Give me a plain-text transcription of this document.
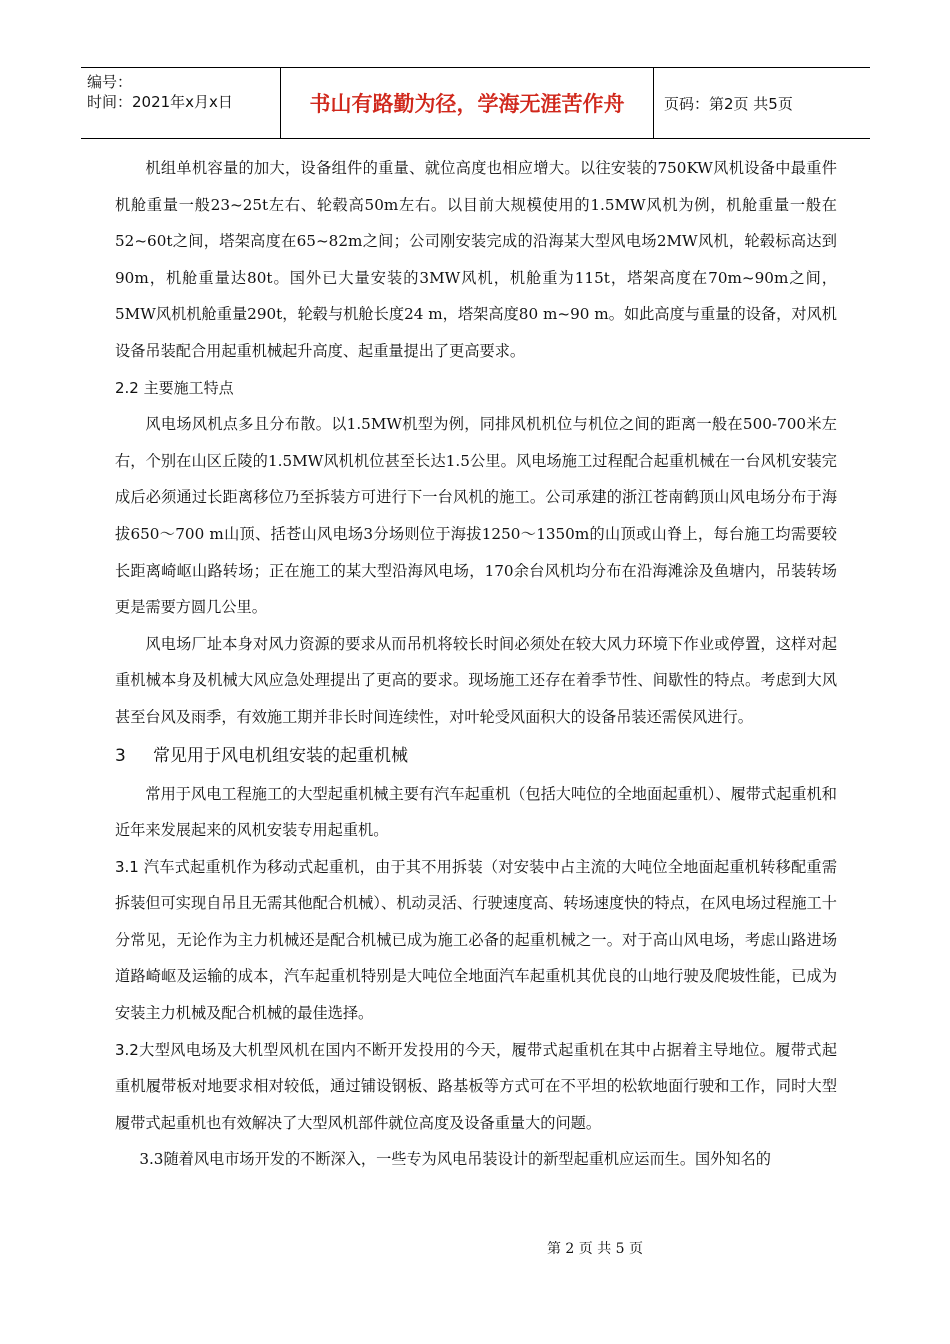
编号：
时间：2021年x月x日	书山有路勤为径，学海无涯苦作舟	页码：第2页 共5页

机组单机容量的加大，设备组件的重量、就位高度也相应增大。以往安装的750KW风机设备中最重件机舱重量一般23~25t左右、轮毂高50m左右。以目前大规模使用的1.5MW风机为例，机舱重量一般在52~60t之间，塔架高度在65~82m之间；公司刚安装完成的沿海某大型风电场2MW风机，轮毂标高达到90m，机舱重量达80t。国外已大量安装的3MW风机，机舱重为115t，塔架高度在70m~90m之间，5MW风机机舱重量290t，轮毂与机舱长度24 m，塔架高度80 m~90 m。如此高度与重量的设备，对风机设备吊装配合用起重机械起升高度、起重量提出了更高要求。

2.2 主要施工特点

风电场风机点多且分布散。以1.5MW机型为例，同排风机机位与机位之间的距离一般在500-700米左右，个别在山区丘陵的1.5MW风机机位甚至长达1.5公里。风电场施工过程配合起重机械在一台风机安装完成后必须通过长距离移位乃至拆装方可进行下一台风机的施工。公司承建的浙江苍南鹤顶山风电场分布于海拔650～700 m山顶、括苍山风电场3分场则位于海拔1250～1350m的山顶或山脊上，每台施工均需要较长距离崎岖山路转场；正在施工的某大型沿海风电场，170余台风机均分布在沿海滩涂及鱼塘内，吊装转场更是需要方圆几公里。

风电场厂址本身对风力资源的要求从而吊机将较长时间必须处在较大风力环境下作业或停置，这样对起重机械本身及机械大风应急处理提出了更高的要求。现场施工还存在着季节性、间歇性的特点。考虑到大风甚至台风及雨季，有效施工期并非长时间连续性，对叶轮受风面积大的设备吊装还需侯风进行。

3 常见用于风电机组安装的起重机械

常用于风电工程施工的大型起重机械主要有汽车起重机（包括大吨位的全地面起重机）、履带式起重机和近年来发展起来的风机安装专用起重机。

3.1 汽车式起重机作为移动式起重机，由于其不用拆装（对安装中占主流的大吨位全地面起重机转移配重需拆装但可实现自吊且无需其他配合机械）、机动灵活、行驶速度高、转场速度快的特点，在风电场过程施工十分常见，无论作为主力机械还是配合机械已成为施工必备的起重机械之一。对于高山风电场，考虑山路进场道路崎岖及运输的成本，汽车起重机特别是大吨位全地面汽车起重机其优良的山地行驶及爬坡性能，已成为安装主力机械及配合机械的最佳选择。

3.2大型风电场及大机型风机在国内不断开发投用的今天，履带式起重机在其中占据着主导地位。履带式起重机履带板对地要求相对较低，通过铺设钢板、路基板等方式可在不平坦的松软地面行驶和工作，同时大型履带式起重机也有效解决了大型风机部件就位高度及设备重量大的问题。

3.3随着风电市场开发的不断深入，一些专为风电吊装设计的新型起重机应运而生。国外知名的

第 2 页 共 5 页
